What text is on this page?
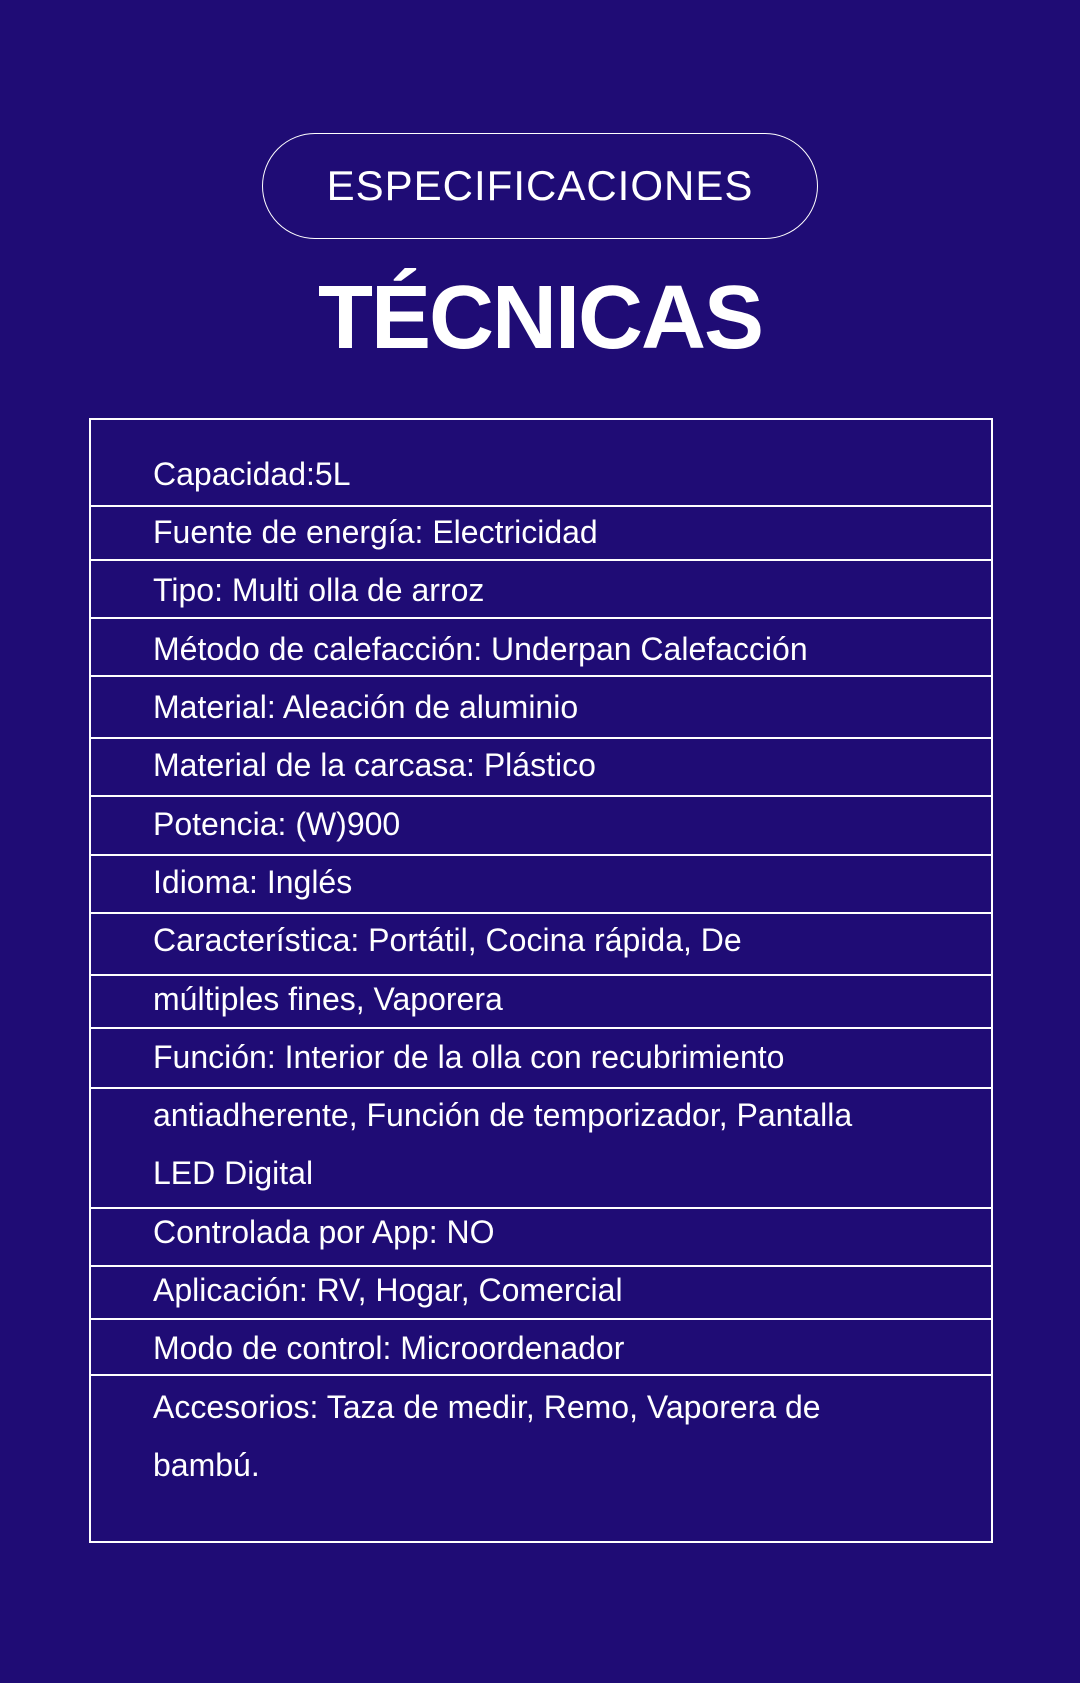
ESPECIFICACIONES
TÉCNICAS
Capacidad:5L
Fuente de energía: Electricidad
Tipo: Multi olla de arroz
Método de calefacción: Underpan Calefacción
Material: Aleación de aluminio
Material de la carcasa: Plástico
Potencia: (W)900
Idioma: Inglés
Característica: Portátil, Cocina rápida, De
múltiples fines, Vaporera
Función: Interior de la olla con recubrimiento
antiadherente, Función de temporizador, Pantalla
LED Digital
Controlada por App: NO
Aplicación: RV, Hogar, Comercial
Modo de control: Microordenador
Accesorios: Taza de medir, Remo, Vaporera de
bambú.
